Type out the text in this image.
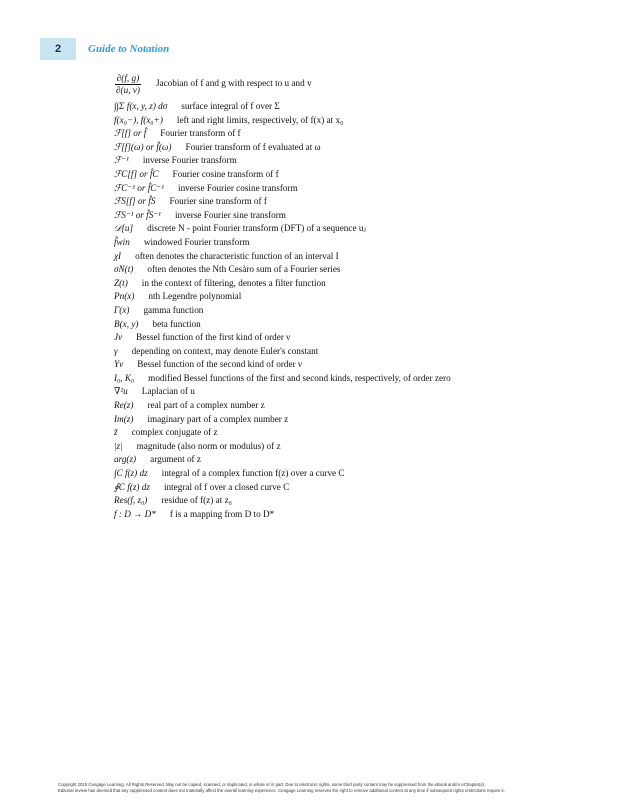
2	Guide to Notation
$\frac{\partial(f, g)}{\partial(u, v)}$ Jacobian of f and g with respect to u and v
∫∫Σ f(x, y, z) dσ surface integral of f over Σ
f(x₀−), f(x₀+) left and right limits, respectively, of f(x) at x₀
ℱ[f] or f̂ Fourier transform of f
ℱ[f](ω) or f̂(ω) Fourier transform of f evaluated at ω
ℱ⁻¹ inverse Fourier transform
ℱC[f] or f̂C Fourier cosine transform of f
ℱC⁻¹ or f̂C⁻¹ inverse Fourier cosine transform
ℱS[f] or f̂S Fourier sine transform of f
ℱS⁻¹ or f̂S⁻¹ inverse Fourier sine transform
𝒟[u] discrete N - point Fourier transform (DFT) of a sequence uⱼ
f̂win windowed Fourier transform
χI often denotes the characteristic function of an interval I
σN(t) often denotes the Nth Cesàro sum of a Fourier series
Z(t) in the context of filtering, denotes a filter function
Pn(x) nth Legendre polynomial
Γ(x) gamma function
B(x, y) beta function
Jν Bessel function of the first kind of order ν
γ depending on context, may denote Euler's constant
Yν Bessel function of the second kind of order ν
I₀, K₀ modified Bessel functions of the first and second kinds, respectively, of order zero
∇²u Laplacian of u
Re(z) real part of a complex number z
Im(z) imaginary part of a complex number z
z̄ complex conjugate of z
|z| magnitude (also norm or modulus) of z
arg(z) argument of z
∫C f(z) dz integral of a complex function f(z) over a curve C
∮C f(z) dz integral of f over a closed curve C
Res(f, z₀) residue of f(z) at z₀
f : D → D* f is a mapping from D to D*
Copyright 2010 Cengage Learning. All Rights Reserved. May not be copied, scanned, or duplicated, in whole or in part. Due to electronic rights, some third party content may be suppressed from the eBook and/or eChapter(s).
Editorial review has deemed that any suppressed content does not materially affect the overall learning experience. Cengage Learning reserves the right to remove additional content at any time if subsequent rights restrictions require it.
